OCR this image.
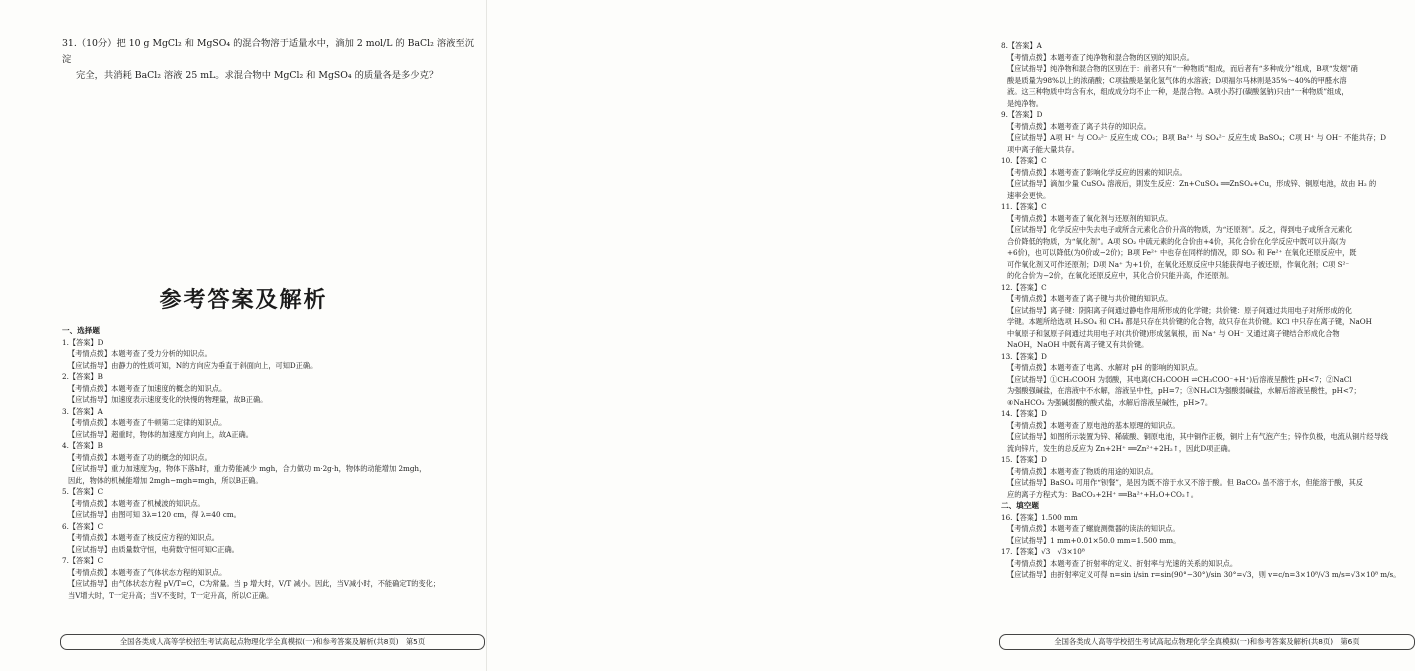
31.（10分）把 10 g MgCl₂ 和 MgSO₄ 的混合物溶于适量水中，滴加 2 mol/L 的 BaCl₂ 溶液至沉淀

完全，共消耗 BaCl₂ 溶液 25 mL。求混合物中 MgCl₂ 和 MgSO₄ 的质量各是多少克？

参考答案及解析
一、选择题
1.【答案】D
【考情点拨】本题考查了受力分析的知识点。
【应试指导】由静力的性质可知，N的方向应为垂直于斜面向上，可知D正确。
2.【答案】B
【考情点拨】本题考查了加速度的概念的知识点。
【应试指导】加速度表示速度变化的快慢的物理量，故B正确。
3.【答案】A
【考情点拨】本题考查了牛顿第二定律的知识点。
【应试指导】超重时，物体的加速度方向向上，故A正确。
4.【答案】B
【考情点拨】本题考查了功的概念的知识点。
【应试指导】重力加速度为g，物体下落h时，重力势能减少 mgh，合力做功 m·2g·h，物体的动能增加 2mgh，
因此，物体的机械能增加 2mgh−mgh=mgh，所以B正确。
5.【答案】C
【考情点拨】本题考查了机械波的知识点。
【应试指导】由图可知 3λ=120 cm，得 λ=40 cm。
6.【答案】C
【考情点拨】本题考查了核反应方程的知识点。
【应试指导】由质量数守恒，电荷数守恒可知C正确。
7.【答案】C
【考情点拨】本题考查了气体状态方程的知识点。
【应试指导】由气体状态方程 pV/T=C，C为常量。当 p 增大时，V/T 减小。因此，当V减小时，不能确定T的变化；
当V增大时，T一定升高；当V不变时，T一定升高，所以C正确。
全国各类成人高等学校招生考试高起点物理化学全真模拟(一)和参考答案及解析(共8页)　第5页
8.【答案】A
【考情点拨】本题考查了纯净物和混合物的区别的知识点。
【应试指导】纯净物和混合物的区别在于：前者只有“一种物质”组成，而后者有“多种成分”组成，B项“发烟”硝
酸是质量为98%以上的浓硝酸；C项盐酸是氯化氢气体的水溶液；D项福尔马林则是35%～40%的甲醛水溶
液。这三种物质中均含有水，组成成分均不止一种，是混合物。A项小苏打(碳酸氢钠)只由“一种物质”组成，
是纯净物。
9.【答案】D
【考情点拨】本题考查了离子共存的知识点。
【应试指导】A项 H⁺ 与 CO₃²⁻ 反应生成 CO₂；B项 Ba²⁺ 与 SO₄²⁻ 反应生成 BaSO₄；C项 H⁺ 与 OH⁻ 不能共存；D
项中离子能大量共存。
10.【答案】C
【考情点拨】本题考查了影响化学反应的因素的知识点。
【应试指导】滴加少量 CuSO₄ 溶液后，則发生反应：Zn+CuSO₄ ══ZnSO₄+Cu，形成锌、铜原电池，故由 H₂ 的
速率会更快。
11.【答案】C
【考情点拨】本题考查了氧化剂与还原剂的知识点。
【应试指导】化学反应中失去电子或所含元素化合价升高的物质，为“还原剂”。反之，得到电子或所含元素化
合价降低的物质，为“氧化剂”。A项 SO₂ 中硫元素的化合价由+4价，其化合价在化学反应中既可以升高(为
+6价)，也可以降低(为0价或−2价)；B项 Fe²⁺ 中也存在同样的情况，即 SO₂ 和 Fe²⁺ 在氧化还原反应中，既
可作氧化剂又可作还原剂；D项 Na⁺ 为+1价，在氧化还原反应中只能获得电子被还原，作氧化剂；C项 S²⁻
的化合价为−2价，在氧化还原反应中，其化合价只能升高，作还原剂。
12.【答案】C
【考情点拨】本题考查了离子键与共价键的知识点。
【应试指导】离子键：阴阳离子间通过静电作用所形成的化学键；共价键：原子间通过共用电子对所形成的化
学键。本题所给选项 H₂SO₄ 和 CH₄ 都是只存在共价键的化合物，故只存在共价键。KCl 中只存在离子键，NaOH
中氧原子和氢原子间通过共用电子对(共价键)形成氢氧根，而 Na⁺ 与 OH⁻ 又通过离子键结合形成化合物
NaOH，NaOH 中既有离子键又有共价键。
13.【答案】D
【考情点拨】本题考查了电离、水解对 pH 的影响的知识点。
【应试指导】①CH₃COOH 为弱酸，其电离(CH₃COOH ⇌CH₃COO⁻+H⁺)后溶液呈酸性 pH<7；②NaCl
为强酸强碱盐，在溶液中不水解，溶液呈中性，pH=7；③NH₄Cl为强酸弱碱盐，水解后溶液呈酸性，pH<7；
④NaHCO₃ 为强碱弱酸的酸式盐，水解后溶液呈碱性，pH>7。
14.【答案】D
【考情点拨】本题考查了原电池的基本原理的知识点。
【应试指导】如图所示装置为锌、稀硫酸、铜原电池，其中铜作正极，铜片上有气泡产生；锌作负极，电流从铜片经导线
流向锌片，发生的总反应为 Zn+2H⁺ ══Zn²⁺+2H₂↑，因此D项正确。
15.【答案】D
【考情点拨】本题考查了物质的用途的知识点。
【应试指导】BaSO₄ 可用作“钡餐”，是因为既不溶于水又不溶于酸。但 BaCO₃ 虽不溶于水，但能溶于酸，其反
应的离子方程式为：BaCO₃+2H⁺ ══Ba²⁺+H₂O+CO₂↑。
二、填空题
16.【答案】1.500 mm
【考情点拨】本题考查了螺旋测微器的读法的知识点。
【应试指导】1 mm+0.01×50.0 mm=1.500 mm。
17.【答案】√3　√3×10⁸
【考情点拨】本题考查了折射率的定义、折射率与光速的关系的知识点。
【应试指导】由折射率定义可得 n=sin i/sin r=sin(90°−30°)/sin 30°=√3，则 v=c/n=3×10⁸/√3 m/s=√3×10⁸ m/s。
全国各类成人高等学校招生考试高起点物理化学全真模拟(一)和参考答案及解析(共8页)　第6页
